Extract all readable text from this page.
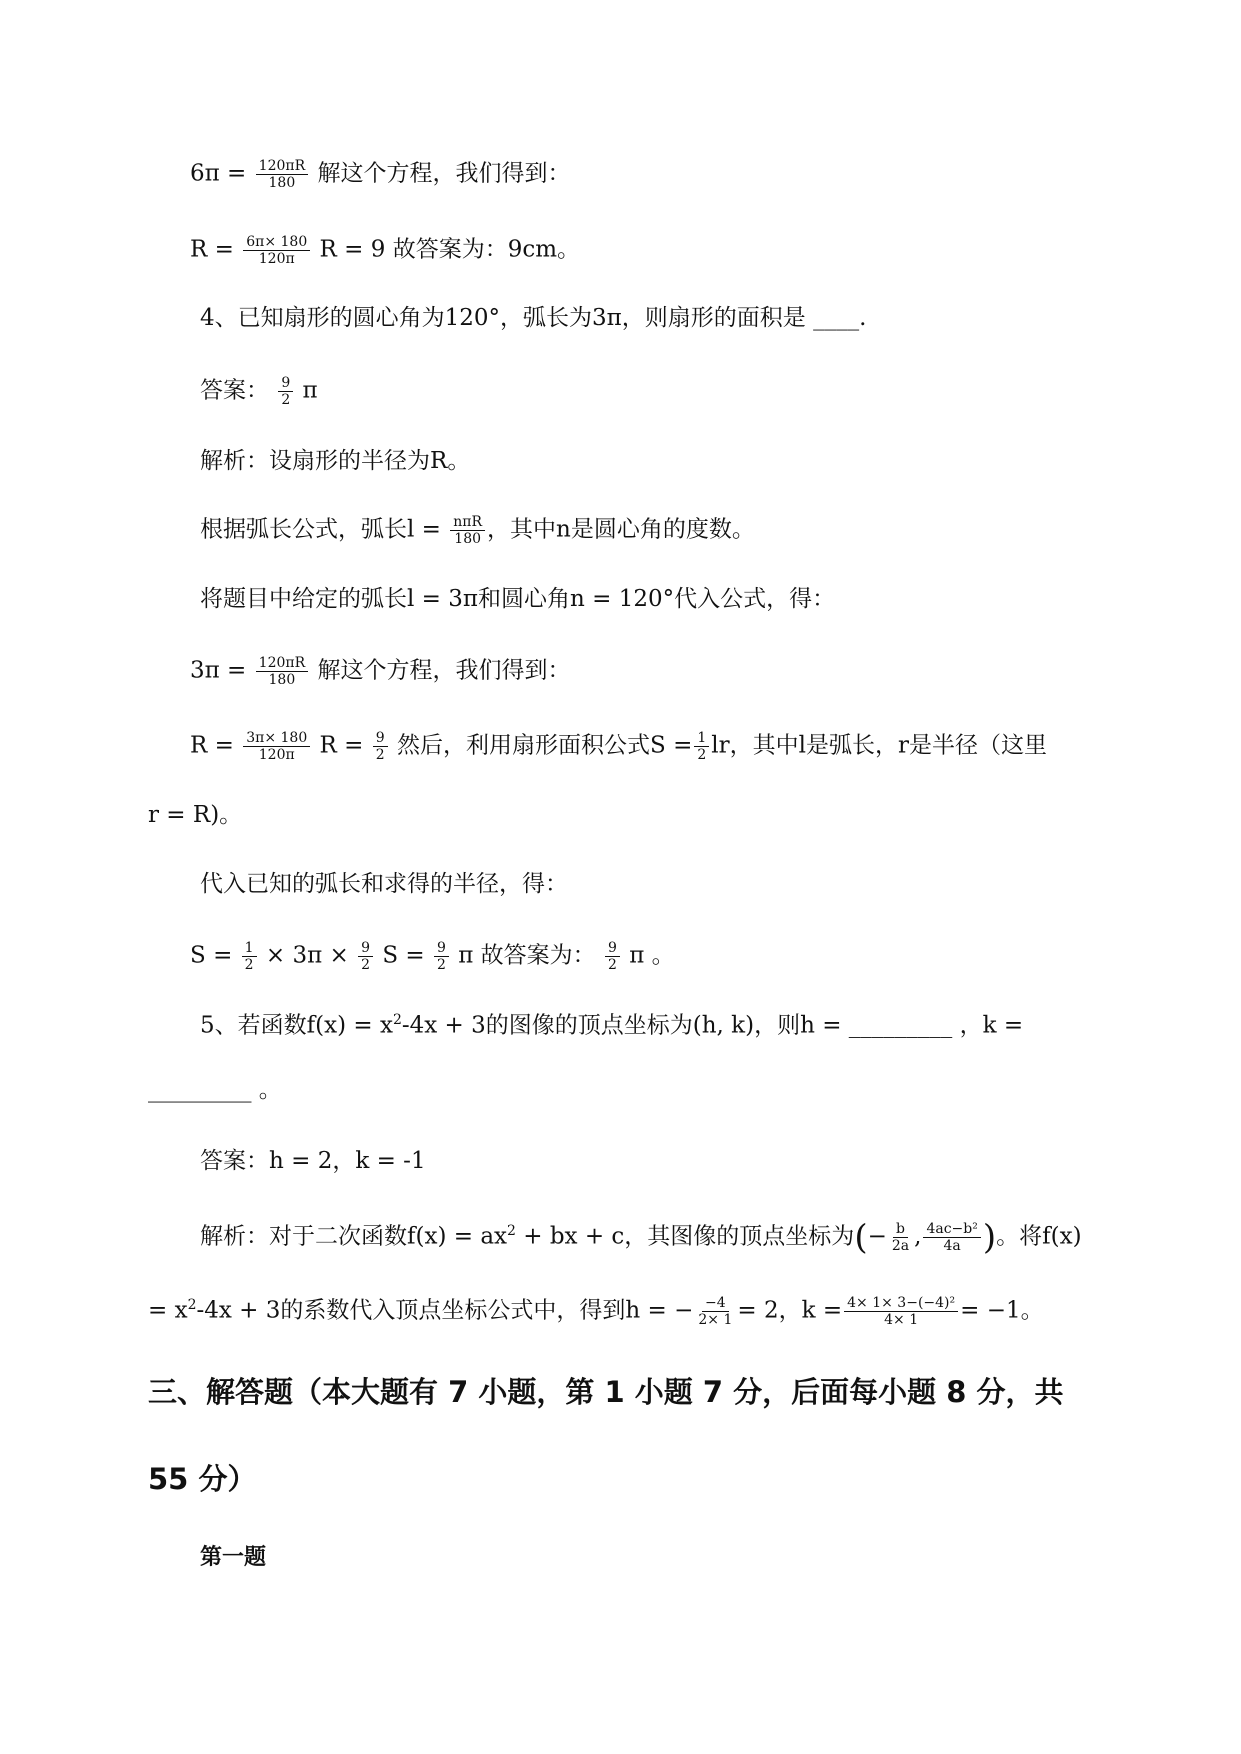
$6\pi = \frac{120\pi R}{180}$ 解这个方程，我们得到：
$R = \frac{6\pi\times 180}{120\pi}$ R = 9 故答案为：9cm。
4、已知扇形的圆心角为120°，弧长为3π，则扇形的面积是 ____.
答案： $\frac{9}{2}$ π
解析：设扇形的半径为R。
根据弧长公式，弧长$l = \frac{\text{nπR}}{180}$ ，其中n是圆心角的度数。
将题目中给定的弧长l = 3π和圆心角n = 120°代入公式，得：
$3\pi = \frac{120\pi R}{180}$ 解这个方程，我们得到：
$R = \frac{3\pi\times 180}{120\pi}$ $R = \frac{9}{2}$ 然后，利用扇形面积公式$S = \frac{1}{2}$ lr，其中l是弧长，r是半径（这里
r = R)。
代入已知的弧长和求得的半径，得：
$S = \frac{1}{2} \times 3\pi \times \frac{9}{2}$ $S = \frac{9}{2}$ π 故答案为： $\frac{9}{2}$ π 。
5、若函数$f(x) = x^2-4x + 3$的图像的顶点坐标为(h, k)，则h = _________ ，k =
_________ 。
答案：h = 2，k = -1
解析：对于二次函数$f(x) = ax^2$ + bx + c，其图像的顶点坐标为(− $\frac{b}{2a}$ , $\frac{\text{4ac−b²}}{4a}$ )。将f(x)
= $x^2-4x + 3$的系数代入顶点坐标公式中，得到h = − $\frac{-4}{2\times 1} = 2$，$k = \frac{\text{4× 1× 3−(−4)²}}{4\times 1} = -1$。
三、解答题（本大题有 7 小题，第 1 小题 7 分，后面每小题 8 分，共
55 分）
第一题
